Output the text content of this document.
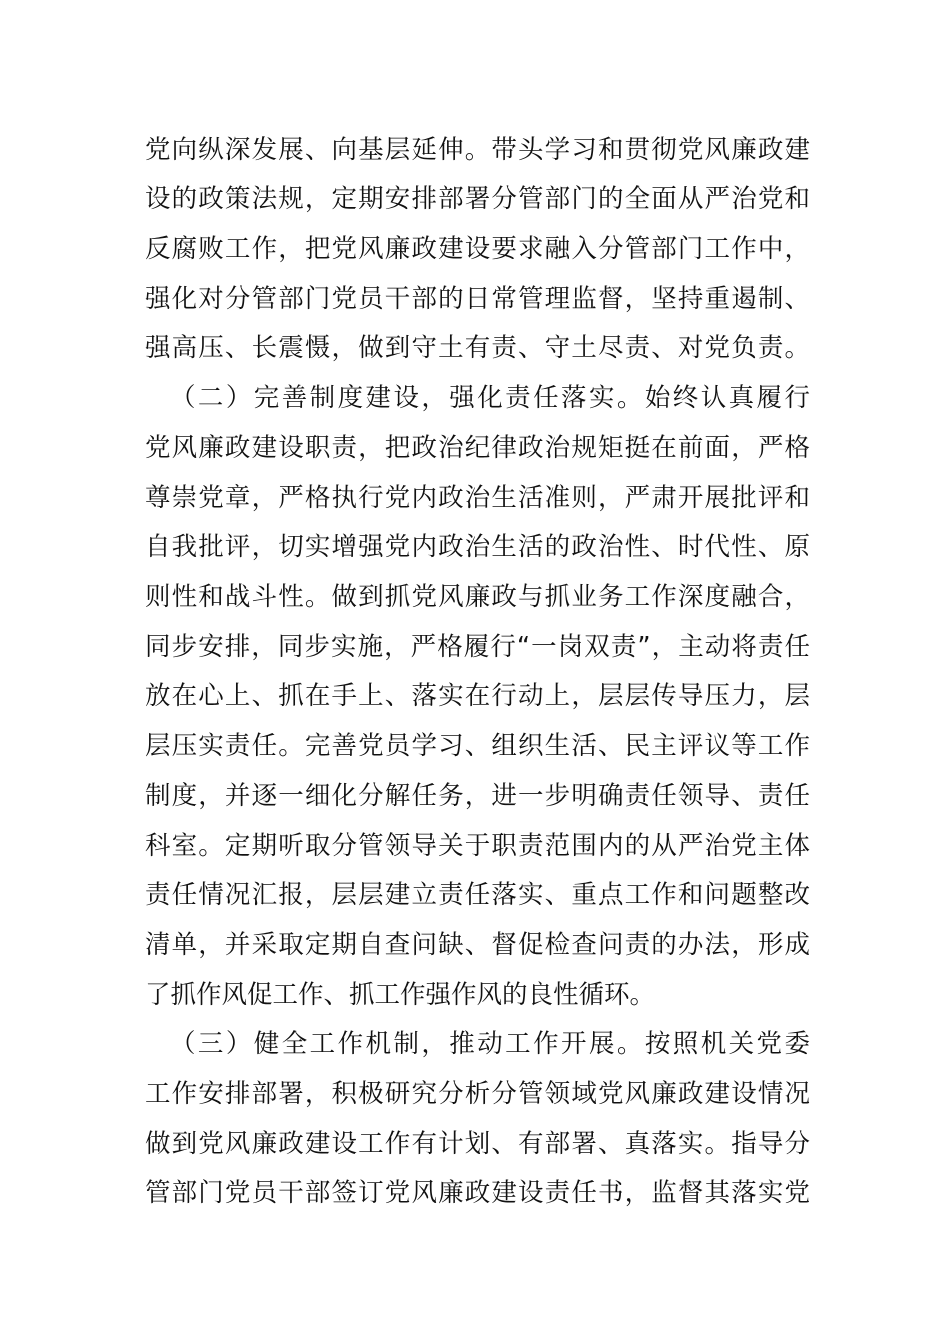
党向纵深发展、向基层延伸。带头学习和贯彻党风廉政建
设的政策法规，定期安排部署分管部门的全面从严治党和
反腐败工作，把党风廉政建设要求融入分管部门工作中，
强化对分管部门党员干部的日常管理监督，坚持重遏制、
强高压、长震慑，做到守土有责、守土尽责、对党负责。
（二）完善制度建设，强化责任落实。始终认真履行
党风廉政建设职责，把政治纪律政治规矩挺在前面，严格
尊崇党章，严格执行党内政治生活准则，严肃开展批评和
自我批评，切实增强党内政治生活的政治性、时代性、原
则性和战斗性。做到抓党风廉政与抓业务工作深度融合，
同步安排，同步实施，严格履行“一岗双责”，主动将责任
放在心上、抓在手上、落实在行动上，层层传导压力，层
层压实责任。完善党员学习、组织生活、民主评议等工作
制度，并逐一细化分解任务，进一步明确责任领导、责任
科室。定期听取分管领导关于职责范围内的从严治党主体
责任情况汇报，层层建立责任落实、重点工作和问题整改
清单，并采取定期自查问缺、督促检查问责的办法，形成
了抓作风促工作、抓工作强作风的良性循环。
（三）健全工作机制，推动工作开展。按照机关党委
工作安排部署，积极研究分析分管领域党风廉政建设情况
做到党风廉政建设工作有计划、有部署、真落实。指导分
管部门党员干部签订党风廉政建设责任书，监督其落实党
